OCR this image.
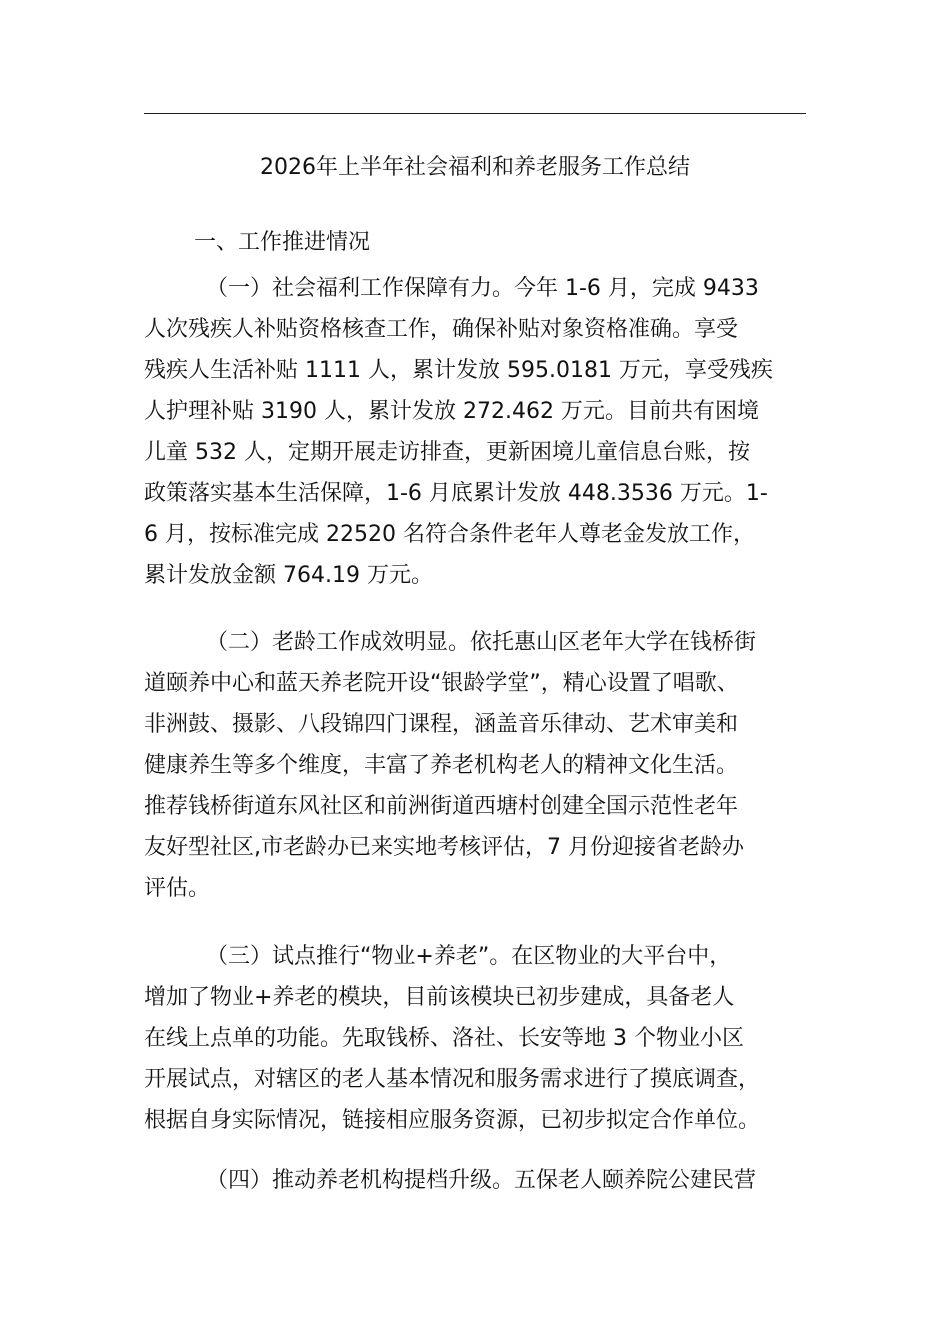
2026年上半年社会福利和养老服务工作总结
一、工作推进情况
（一）社会福利工作保障有力。今年 1-6 月，完成 9433
人次残疾人补贴资格核查工作，确保补贴对象资格准确。享受
残疾人生活补贴 1111 人，累计发放 595.0181 万元，享受残疾
人护理补贴 3190 人，累计发放 272.462 万元。目前共有困境
儿童 532 人，定期开展走访排查，更新困境儿童信息台账，按
政策落实基本生活保障，1-6 月底累计发放 448.3536 万元。1-
6 月，按标准完成 22520 名符合条件老年人尊老金发放工作，
累计发放金额 764.19 万元。
（二）老龄工作成效明显。依托惠山区老年大学在钱桥街
道颐养中心和蓝天养老院开设“银龄学堂”，精心设置了唱歌、
非洲鼓、摄影、八段锦四门课程，涵盖音乐律动、艺术审美和
健康养生等多个维度，丰富了养老机构老人的精神文化生活。
推荐钱桥街道东风社区和前洲街道西塘村创建全国示范性老年
友好型社区,市老龄办已来实地考核评估，7 月份迎接省老龄办
评估。
（三）试点推行“物业+养老”。在区物业的大平台中，
增加了物业+养老的模块，目前该模块已初步建成，具备老人
在线上点单的功能。先取钱桥、洛社、长安等地 3 个物业小区
开展试点，对辖区的老人基本情况和服务需求进行了摸底调查，
根据自身实际情况，链接相应服务资源，已初步拟定合作单位。
（四）推动养老机构提档升级。五保老人颐养院公建民营
